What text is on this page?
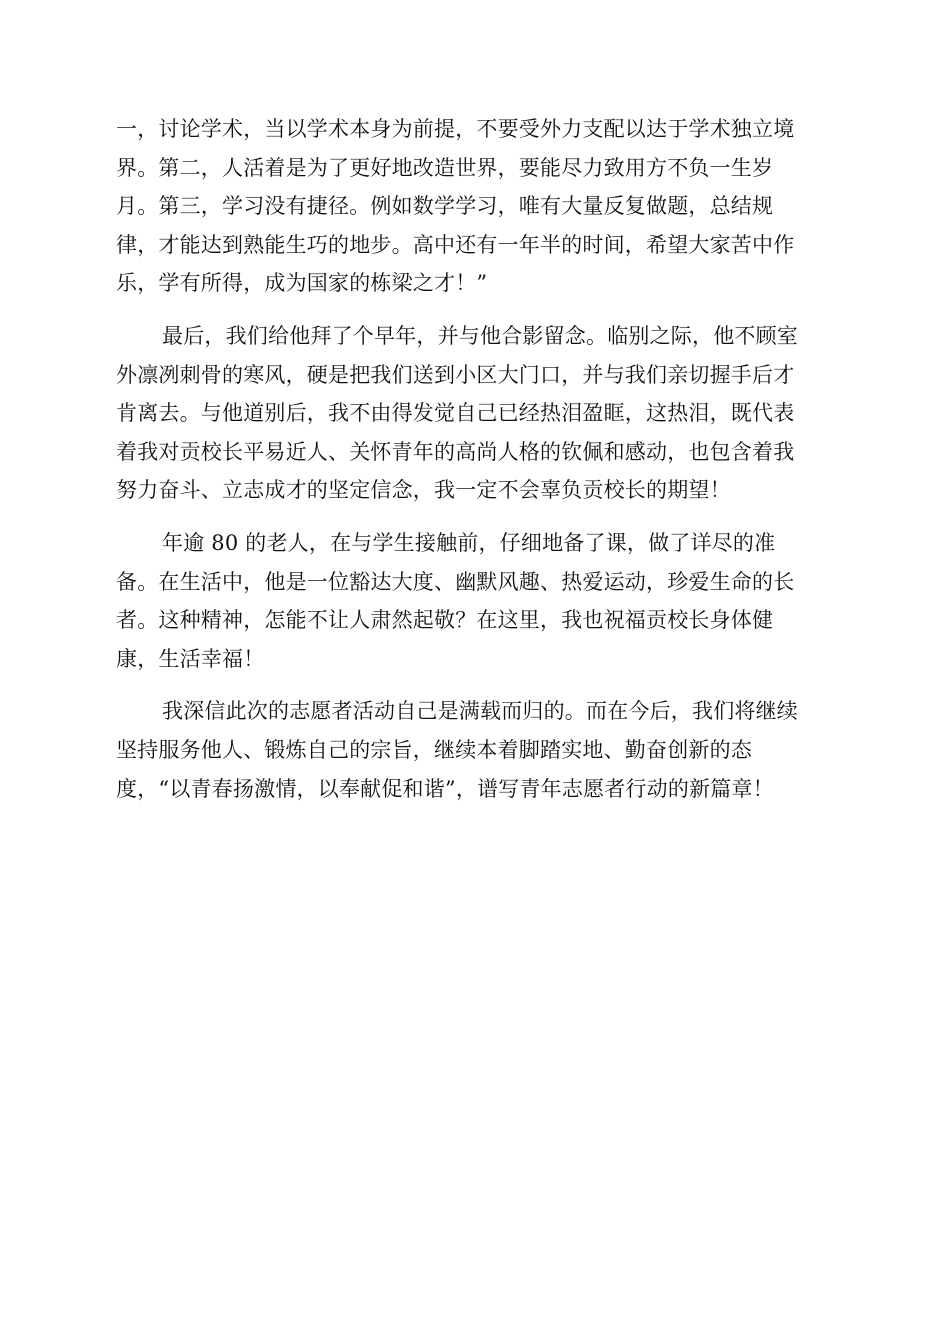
一，讨论学术，当以学术本身为前提，不要受外力支配以达于学术独立境
界。第二，人活着是为了更好地改造世界，要能尽力致用方不负一生岁
月。第三，学习没有捷径。例如数学学习，唯有大量反复做题，总结规
律，才能达到熟能生巧的地步。高中还有一年半的时间，希望大家苦中作
乐，学有所得，成为国家的栋梁之才！”

最后，我们给他拜了个早年，并与他合影留念。临别之际，他不顾室
外凛冽刺骨的寒风，硬是把我们送到小区大门口，并与我们亲切握手后才
肯离去。与他道别后，我不由得发觉自己已经热泪盈眶，这热泪，既代表
着我对贡校长平易近人、关怀青年的高尚人格的钦佩和感动，也包含着我
努力奋斗、立志成才的坚定信念，我一定不会辜负贡校长的期望！

年逾 80 的老人，在与学生接触前，仔细地备了课，做了详尽的准
备。在生活中，他是一位豁达大度、幽默风趣、热爱运动，珍爱生命的长
者。这种精神，怎能不让人肃然起敬？在这里，我也祝福贡校长身体健
康，生活幸福！

我深信此次的志愿者活动自己是满载而归的。而在今后，我们将继续
坚持服务他人、锻炼自己的宗旨，继续本着脚踏实地、勤奋创新的态
度，“以青春扬激情，以奉献促和谐”，谱写青年志愿者行动的新篇章！
